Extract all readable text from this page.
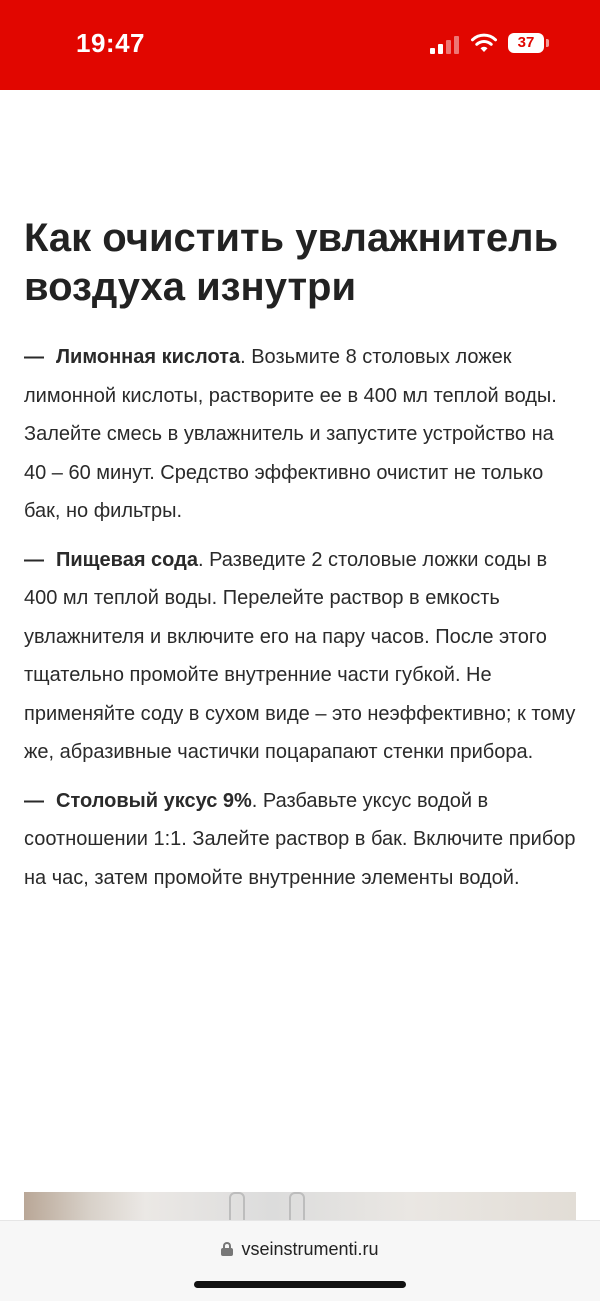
19:47	37
Как очистить увлажнитель воздуха изнутри

— Лимонная кислота. Возьмите 8 столовых ложек лимонной кислоты, растворите ее в 400 мл теплой воды. Залейте смесь в увлажнитель и запустите устройство на 40 – 60 минут. Средство эффективно очистит не только бак, но фильтры.

— Пищевая сода. Разведите 2 столовые ложки соды в 400 мл теплой воды. Перелейте раствор в емкость увлажнителя и включите его на пару часов. После этого тщательно промойте внутренние части губкой. Не применяйте соду в сухом виде – это неэффективно; к тому же, абразивные частички поцарапают стенки прибора.

— Столовый уксус 9%. Разбавьте уксус водой в соотношении 1:1. Залейте раствор в бак. Включите прибор на час, затем промойте внутренние элементы водой.

vseinstrumenti.ru
